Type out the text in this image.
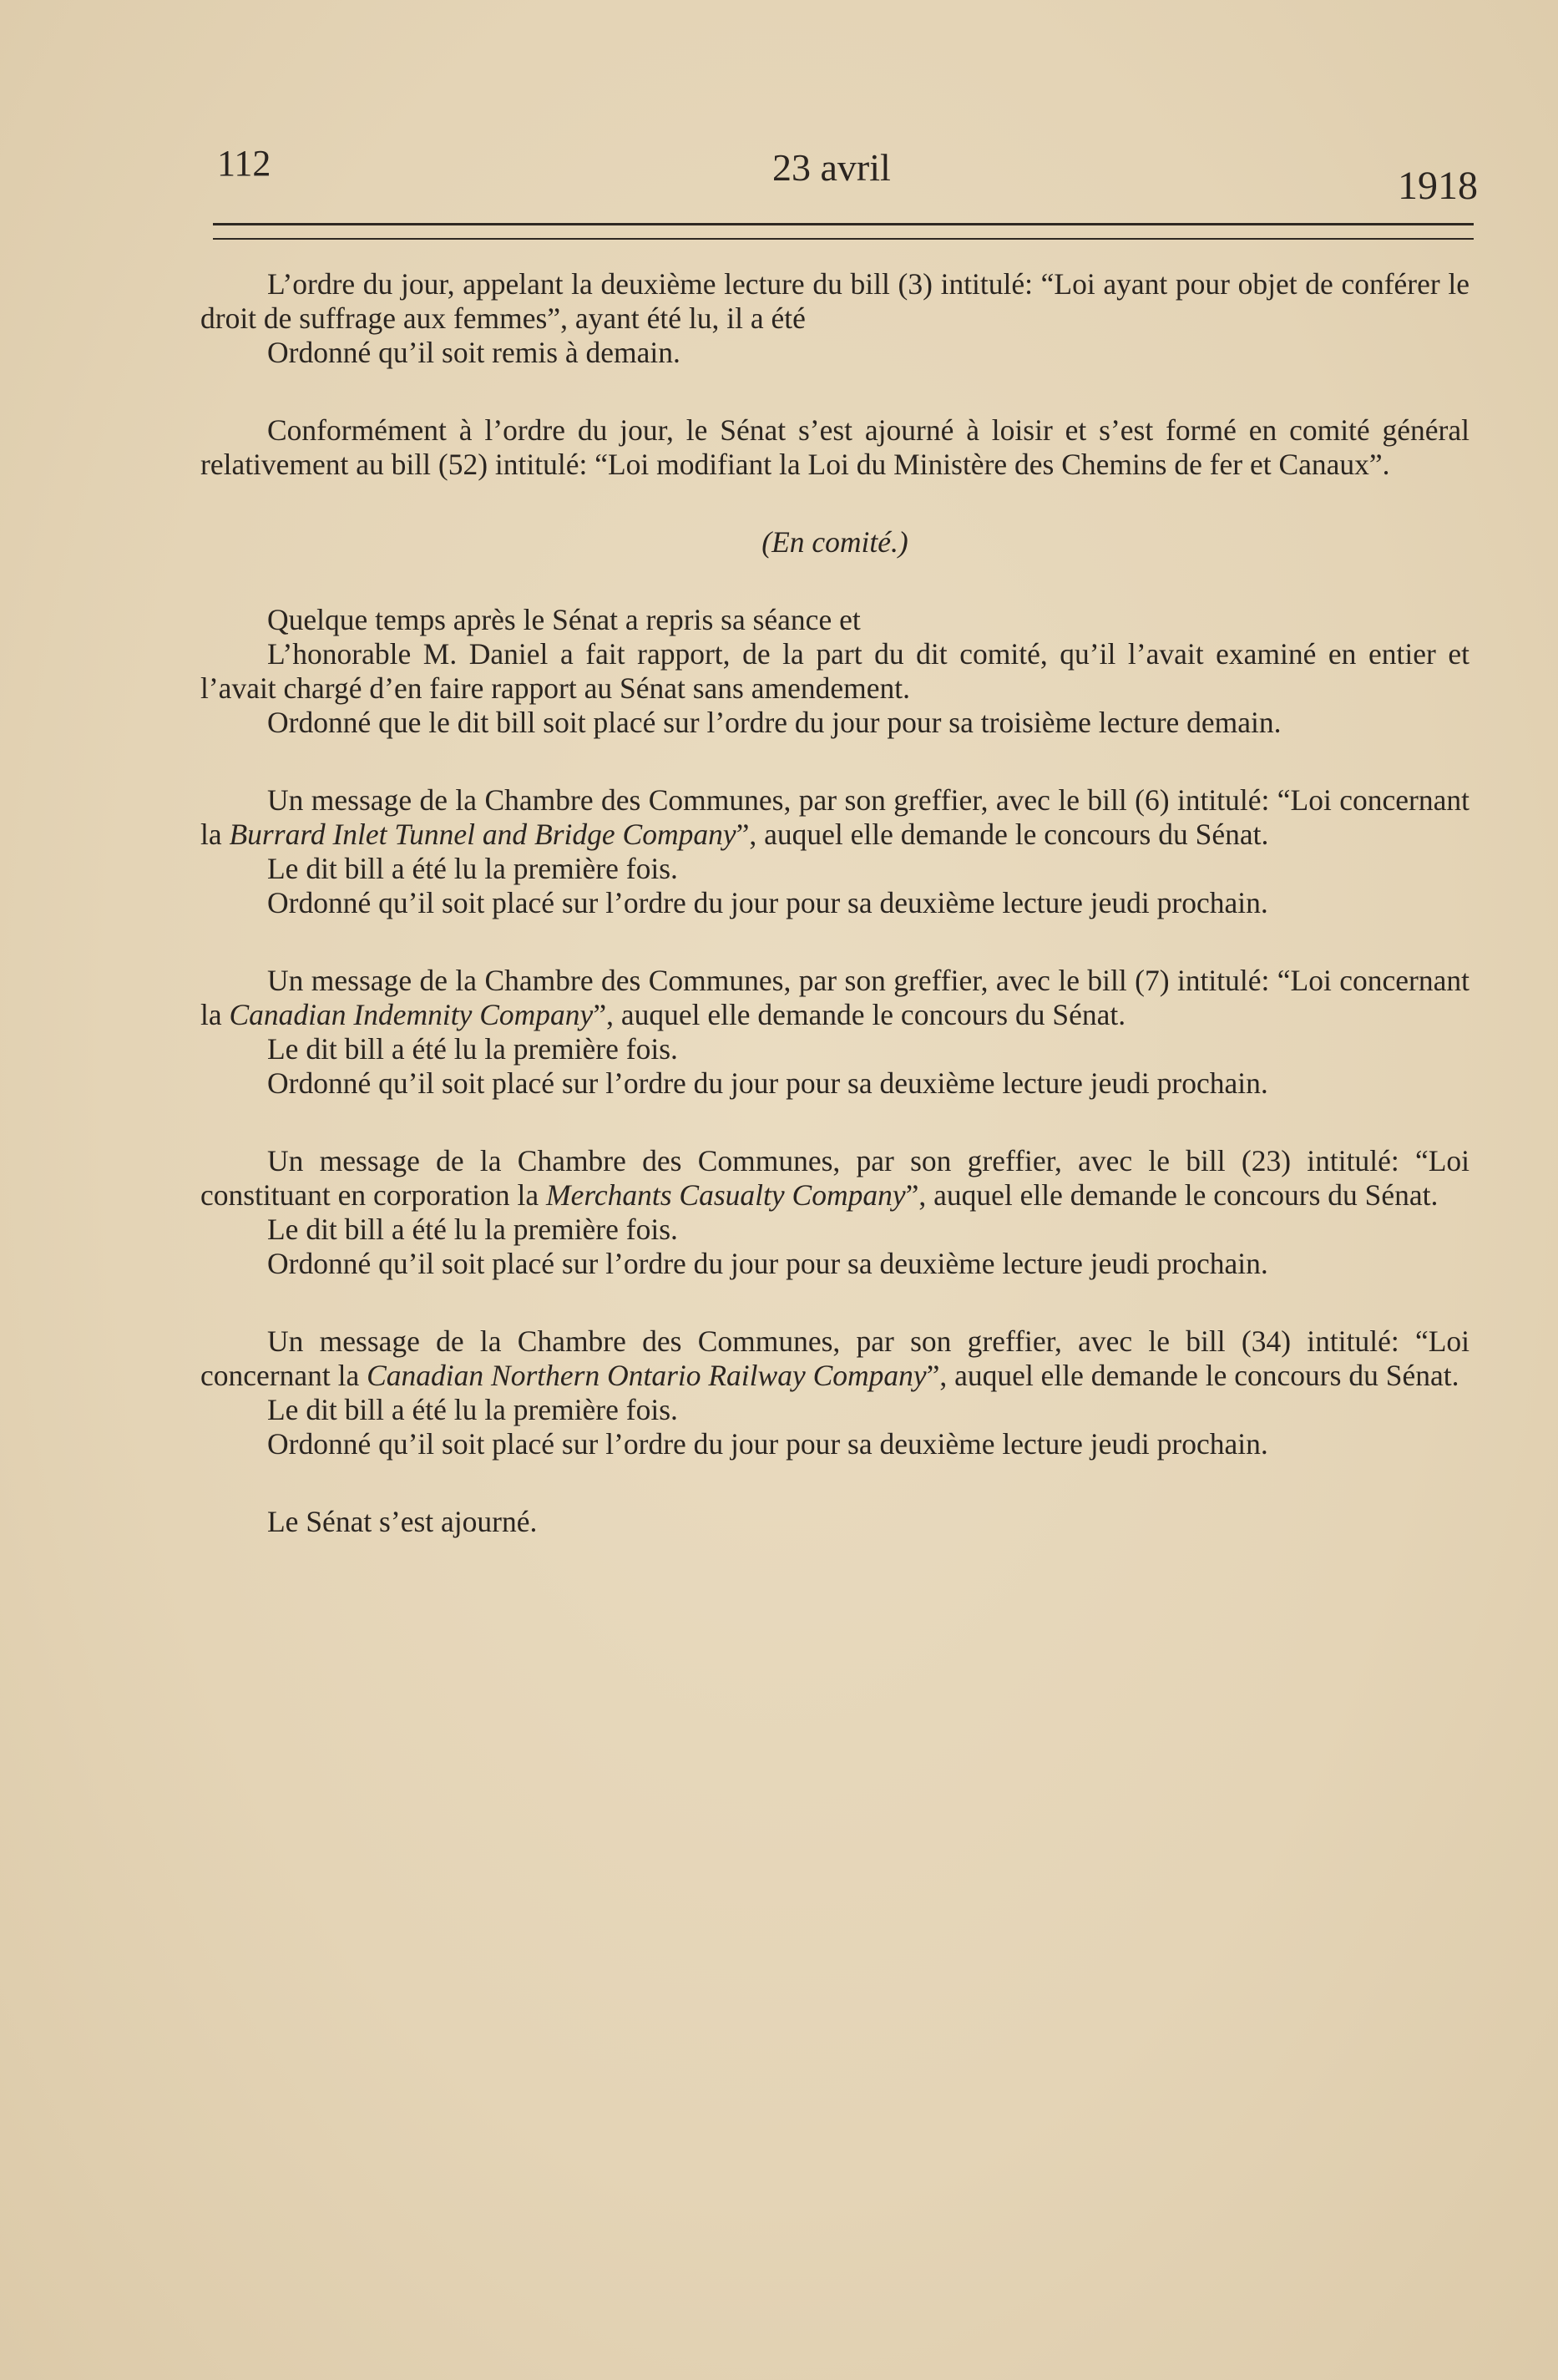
112	23 avril	1918

L’ordre du jour, appelant la deuxième lecture du bill (3) intitulé: “Loi ayant pour objet de conférer le droit de suffrage aux femmes”, ayant été lu, il a été

Ordonné qu’il soit remis à demain.

Conformément à l’ordre du jour, le Sénat s’est ajourné à loisir et s’est formé en comité général relativement au bill (52) intitulé: “Loi modifiant la Loi du Ministère des Chemins de fer et Canaux”.

(En comité.)

Quelque temps après le Sénat a repris sa séance et

L’honorable M. Daniel a fait rapport, de la part du dit comité, qu’il l’avait examiné en entier et l’avait chargé d’en faire rapport au Sénat sans amendement.

Ordonné que le dit bill soit placé sur l’ordre du jour pour sa troisième lecture demain.

Un message de la Chambre des Communes, par son greffier, avec le bill (6) intitulé: “Loi concernant la Burrard Inlet Tunnel and Bridge Company”, auquel elle demande le concours du Sénat.

Le dit bill a été lu la première fois.

Ordonné qu’il soit placé sur l’ordre du jour pour sa deuxième lecture jeudi prochain.

Un message de la Chambre des Communes, par son greffier, avec le bill (7) intitulé: “Loi concernant la Canadian Indemnity Company”, auquel elle demande le concours du Sénat.

Le dit bill a été lu la première fois.

Ordonné qu’il soit placé sur l’ordre du jour pour sa deuxième lecture jeudi prochain.

Un message de la Chambre des Communes, par son greffier, avec le bill (23) intitulé: “Loi constituant en corporation la Merchants Casualty Company”, auquel elle demande le concours du Sénat.

Le dit bill a été lu la première fois.

Ordonné qu’il soit placé sur l’ordre du jour pour sa deuxième lecture jeudi prochain.

Un message de la Chambre des Communes, par son greffier, avec le bill (34) intitulé: “Loi concernant la Canadian Northern Ontario Railway Company”, auquel elle demande le concours du Sénat.

Le dit bill a été lu la première fois.

Ordonné qu’il soit placé sur l’ordre du jour pour sa deuxième lecture jeudi prochain.

Le Sénat s’est ajourné.
